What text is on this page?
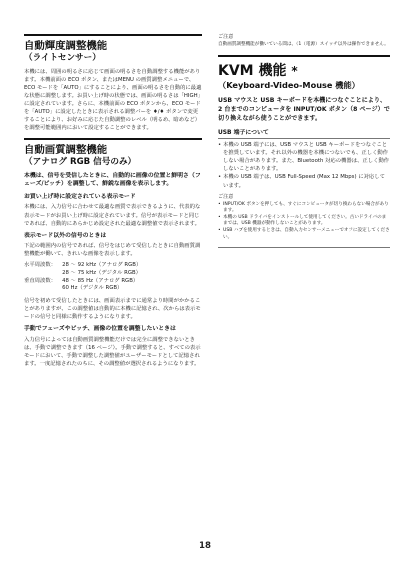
自動輝度調整機能
（ライトセンサー）

本機には、周囲の明るさに応じて画面の明るさを自動調整する機能があります。本機前面の ECO ボタン、またはMENU の画質調整メニューで、ECO モードを「AUTO」にすることにより、画面の明るさを自動的に最適な状態に調整します。お買い上げ時の状態では、画面の明るさは「HIGH」に設定されています。さらに、本機前面の ECO ボタンから、ECO モードを「AUTO」に設定したときに表示される調整バーを ♦/♦ ボタンで変更することにより、お好みに応じた自動調整のレベル（明るめ、暗めなど）を調整可能範囲内において設定することができます。

自動画質調整機能
（アナログ RGB 信号のみ）

本機は、信号を受信したときに、自動的に画像の位置と鮮明さ（フェーズ/ピッチ）を調整して、鮮鋭な画像を表示します。

お買い上げ時に設定されている表示モード

本機には、入力信号に合わせて最適な画質で表示できるように、代表的な表示モードがお買い上げ時に設定されています。信号が表示モードと同じであれば、自動的にあらかじめ設定された最適な調整値で表示されます。

表示モード以外の信号のときは

下記の範囲内の信号であれば、信号をはじめて受信したときに自動画質調整機能が働いて、きれいな画像を表示します。

水平周波数：	28 ～ 92 kHz（アナログ RGB）
	28 ～ 75 kHz（デジタル RGB）
垂直周波数：	48 ～ 85 Hz（アナログ RGB）
	60 Hz（デジタル RGB）

信号を初めて受信したときには、画面表示までに通常より時間がかかることがありますが、この調整値は自動的に本機に記憶され、次からは表示モードの信号と同様に動作するようになります。

手動でフェーズやピッチ、画像の位置を調整したいときは

入力信号によっては自動画質調整機能だけでは完全に調整できないときは、手動で調整できます（16 ページ）。手動で調整すると、すべての表示モードにおいて、手動で調整した調整値がユーザーモードとして記憶されます。一度記憶されたのちに、その調整値が選択されるようになります。

ご注意
自動画質調整機能が働いている間は、（1（電源）スイッチ以外は操作できません。
KVM 機能 *
（Keyboard-Video-Mouse 機能）

USB マウスと USB キーボードを本機につなぐことにより、2 台までのコンピュータを INPUT/OK ボタン（8 ページ）で切り換えながら使うことができます。

USB 端子について
• 本機の USB 端子には、USB マウスと USB キーボードをつなぐことを推奨しています。それ以外の機器を本機につないでも、正しく動作しない場合があります。また、Bluetooth 対応の機器は、正しく動作しないことがあります。
• 本機の USB 端子は、USB Full-Speed (Max 12 Mbps) に対応しています。
ご注意
• INPUT/OK ボタンを押しても、すぐにコンピュータが切り換わらない場合があります。
• 本機の USB ドライバをインストールして使用してください。古いドライバのままでは、USB 機器が動作しないことがあります。
• USB ハブを使用するときは、自動入力センサーメニューでオフに設定してください。
18
